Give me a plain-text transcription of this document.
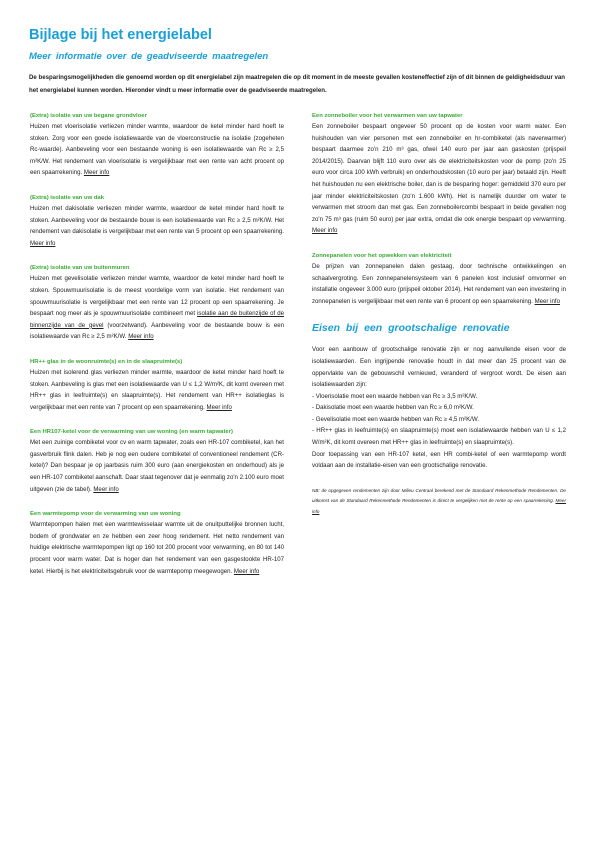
Bijlage bij het energielabel
Meer informatie over de geadviseerde maatregelen

De besparingsmogelijkheden die genoemd worden op dit energielabel zijn maatregelen die op dit moment in de meeste gevallen kosteneffectief zijn of dit binnen de geldigheidsduur van het energielabel kunnen worden. Hieronder vindt u meer informatie over de geadviseerde maatregelen.

(Extra) isolatie van uw begane grondvloer

Huizen met vloerisolatie verliezen minder warmte, waardoor de ketel minder hard hoeft te stoken. Zorg voor een goede isolatiewaarde van de vloerconstructie na isolatie (zogeheten Rc-waarde). Aanbeveling voor een bestaande woning is een isolatiewaarde van Rc ≥ 2,5 m²K/W. Het rendement van vloerisolatie is vergelijkbaar met een rente van acht procent op een spaarrekening. Meer info

(Extra) isolatie van uw dak

Huizen met dakisolatie verliezen minder warmte, waardoor de ketel minder hard hoeft te stoken. Aanbeveling voor de bestaande bouw is een isolatiewaarde van Rc ≥ 2,5 m²K/W. Het rendement van dakisolatie is vergelijkbaar met een rente van 5 procent op een spaarrekening. Meer info

(Extra) isolatie van uw buitenmuren

Huizen met gevelisolatie verliezen minder warmte, waardoor de ketel minder hard hoeft te stoken. Spouwmuurisolatie is de meest voordelige vorm van isolatie. Het rendement van spouwmuurisolatie is vergelijkbaar met een rente van 12 procent op een spaarrekening. Je bespaart nog meer als je spouwmuurisolatie combineert met isolatie aan de buitenzijde of de binnenzijde van de gevel (voorzetwand). Aanbeveling voor de bestaande bouw is een isolatiewaarde van Rc ≥ 2,5 m²K/W. Meer info

HR++ glas in de woonruimte(s) en in de slaapruimte(s)

Huizen met isolerend glas verliezen minder warmte, waardoor de ketel minder hard hoeft te stoken. Aanbeveling is glas met een isolatiewaarde van U ≤ 1,2 W/m²K, dit komt overeen met HR++ glas in leefruimte(s) en slaapruimte(s). Het rendement van HR++ isolatieglas is vergelijkbaar met een rente van 7 procent op een spaarrekening. Meer info

Een HR107-ketel voor de verwarming van uw woning (en warm tapwater)

Met een zuinige combiketel voor cv en warm tapwater, zoals een HR-107 combiketel, kan het gasverbruik flink dalen. Heb je nog een oudere combiketel of conventioneel rendement (CR-ketel)? Dan bespaar je op jaarbasis ruim 300 euro (aan energiekosten en onderhoud) als je een HR-107 combiketel aanschaft. Daar staat tegenover dat je eenmalig zo'n 2.100 euro moet uitgeven (zie de tabel). Meer info

Een warmtepomp voor de verwarming van uw woning

Warmtepompen halen met een warmtewisselaar warmte uit de onuitputtelijke bronnen lucht, bodem of grondwater en ze hebben een zeer hoog rendement. Het netto rendement van huidige elektrische warmtepompen ligt op 160 tot 200 procent voor verwarming, en 80 tot 140 procent voor warm water. Dat is hoger dan het rendement van een gasgestookte HR-107 ketel. Hierbij is het elektriciteitsgebruik voor de warmtepomp meegewogen. Meer info

Een zonneboiler voor het verwarmen van uw tapwater

Een zonneboiler bespaart ongeveer 50 procent op de kosten voor warm water. Een huishouden van vier personen met een zonneboiler en hr-combiketel (als naverwarmer) bespaart daarmee zo'n 210 m³ gas, ofwel 140 euro per jaar aan gaskosten (prijspeil 2014/2015). Daarvan blijft 110 euro over als de elektriciteitskosten voor de pomp (zo'n 25 euro voor circa 100 kWh verbruik) en onderhoudskosten (10 euro per jaar) betaald zijn. Heeft het huishouden nu een elektrische boiler, dan is de besparing hoger: gemiddeld 370 euro per jaar minder elektriciteitskosten (zo'n 1.600 kWh). Het is namelijk duurder om water te verwarmen met stroom dan met gas. Een zonneboilercombi bespaart in beide gevallen nog zo'n 75 m³ gas (ruim 50 euro) per jaar extra, omdat die ook energie bespaart op verwarming. Meer info

Zonnepanelen voor het opwekken van elektriciteit

De prijzen van zonnepanelen dalen gestaag, door technische ontwikkelingen en schaalvergroting. Een zonnepanelensysteem van 6 panelen kost inclusief omvormer en installatie ongeveer 3.000 euro (prijspeil oktober 2014). Het rendement van een investering in zonnepanelen is vergelijkbaar met een rente van 6 procent op een spaarrekening. Meer info

Eisen bij een grootschalige renovatie

Voor een aanbouw of grootschalige renovatie zijn er nog aanvullende eisen voor de isolatiewaarden. Een ingrijpende renovatie houdt in dat meer dan 25 procent van de oppervlakte van de gebouwschil vernieuwd, veranderd of vergroot wordt. De eisen aan isolatiewaarden zijn:

- Vloerisolatie moet een waarde hebben van Rc ≥ 3,5 m²K/W.

- Dakisolatie moet een waarde hebben van Rc ≥ 6,0 m²K/W.

- Gevelisolatie moet een waarde hebben van Rc ≥ 4,5 m²K/W.

- HR++ glas in leefruimte(s) en slaapruimte(s) moet een isolatiewaarde hebben van U ≤ 1,2 W/m²K, dit komt overeen met HR++ glas in leefruimte(s) en slaapruimte(s).

Door toepassing van een HR-107 ketel, een HR combi-ketel of een warmtepomp wordt voldaan aan de installatie-eisen van een grootschalige renovatie.

NB: de opgegeven rendementen zijn door Milieu Centraal berekend met de Standaard Rekenmethode Rendementen. De uitkomst van de Standaard Rekenmethode Rendementen is direct te vergelijken met de rente op een spaarrekening. Meer info
